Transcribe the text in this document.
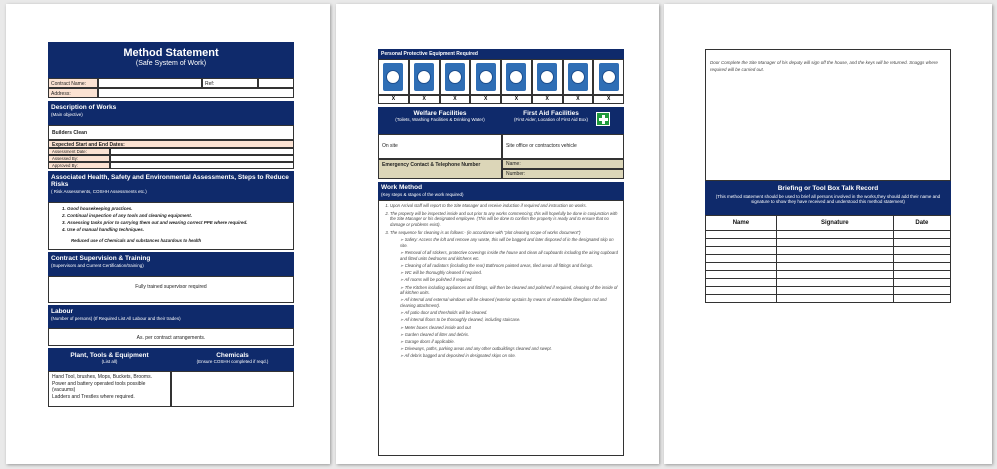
Method Statement
(Safe System of Work)
Contract Name:	Ref:
Address:
Description of Works
(Main objective)
Builders Clean
Expected Start and End Dates:
Assessment Date:
Assessed By:
Approved By:
Associated Health, Safety and Environmental Assessments, Steps to Reduce Risks
( Risk Assessments, COSHH Assessments etc.)
1. Good housekeeping practices.
2. Continual inspection of any tools and cleaning equipment.
3. Assessing tasks prior to carrying them out and wearing correct PPE where required.
4. Use of manual handling techniques.
Reduced use of Chemicals and substances hazardous to health
Contract Supervision & Training
(Supervisors and Current Certification/training)
Fully trained supervisor required
Labour
(Number of persons) (If Required List All Labour and their trades)
As. per contract arrangements.
Plant, Tools & Equipment
(List all)
Chemicals
(Ensure COSHH completed if reqd.)
Hand Tool, brushes, Mops, Buckets, Brooms. Power and battery operated tools possible (vacuums)
Ladders and Trestles where required.
Personal Protective Equipment Required
X	X	X	X	X	X	X	X
Welfare Facilities
(Toilets, Washing Facilities & Drinking Water)
First Aid Facilities
(First Aider, Location of First Aid Box)
On site	Site office or contractors vehicle
Emergency Contact & Telephone Number	Name:
Number:
Work Method
(Key steps & stages of the work required)
1. Upon Arrival staff will report to the Site Manager and receive induction if required and instruction on works.
2. The property will be inspected inside and out prior to any works commencing; this will hopefully be done in conjunction with the Site Manager or his designated employee. (This will be done to confirm the property is ready and to ensure that no damage or problems exist).
3. The sequence for cleaning is as follows:- (in accordance with "plot cleaning scope of works document")
➢ Safety: Access the loft and remove any waste, this will be bagged and later disposed of in the designated skip on site.
➢ Removal of all stickers, protective coverings inside the house and clean all cupboards including the airing cupboard and fitted units bedrooms and kitchens etc.
➢ Cleaning of all radiators (including the rear) Bathroom painted areas, tiled areas all fittings and fixings.
➢ WC will be thoroughly cleaned if required.
➢ All rooms will be polished if required.
➢ The Kitchen including appliances and fittings, will then be cleaned and polished if required, cleaning of the inside of all kitchen units.
➢ All internal and external windows will be cleaned (exterior upstairs by means of extendable fiberglass rod and cleaning attachment).
➢ All patio door and thresholds will be cleaned.
➢ All internal floors to be thoroughly cleaned, including staircase.
➢ Meter boxes cleaned inside and out
➢ Garden cleared of litter and debris.
➢ Garage doors if applicable.
➢ Driveways, paths, parking areas and any other outbuildings cleaned and swept.
➢ All debris bagged and deposited in designated skips on site.
Door Complete the Site Manager of his deputy will sign off the house, and the keys will be returned. Snaggs where required will be carried out.
Briefing or Tool Box Talk Record
(This method statement should be used to brief all persons involved in the works,they should add their name and signature to show they have received and understood this method statement)
Name	Signature	Date
